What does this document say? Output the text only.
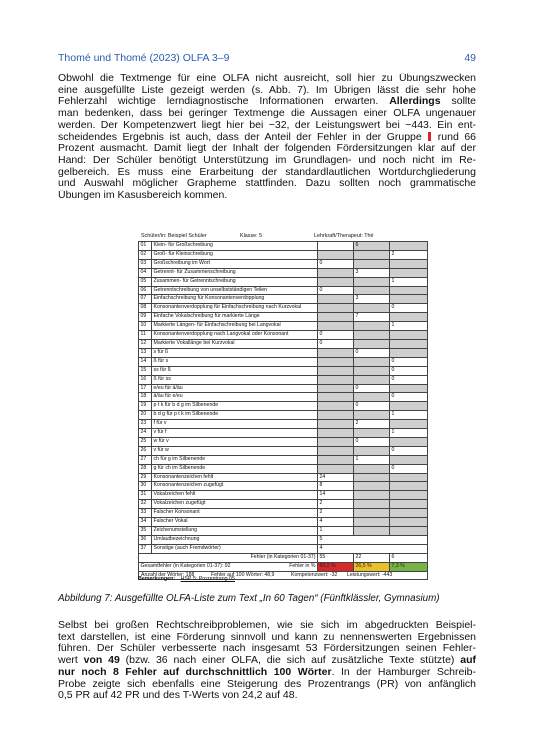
Thomé und Thomé (2023) OLFA 3–9	49
Obwohl die Textmenge für eine OLFA nicht ausreicht, soll hier zu Übungszwecken
eine ausgefüllte Liste gezeigt werden (s. Abb. 7). Im Übrigen lässt die sehr hohe
Fehlerzahl wichtige lerndiagnostische Informationen erwarten. Allerdings sollte
man bedenken, dass bei geringer Textmenge die Aussagen einer OLFA ungenauer
werden. Der Kompetenzwert liegt hier bei −32, der Leistungswert bei −443. Ein ent-
scheidendes Ergebnis ist auch, dass der Anteil der Fehler in der Gruppe  rund 66
Prozent ausmacht. Damit liegt der Inhalt der folgenden Fördersitzungen klar auf der
Hand: Der Schüler benötigt Unterstützung im Grundlagen- und noch nicht im Re-
gelbereich. Es muss eine Erarbeitung der standardlautlichen Wortdurchgliederung
und Auswahl möglicher Grapheme stattfinden. Dazu sollten noch grammatische
Übungen im Kasusbereich kommen.
Schüler/in: Beispiel Schüler	Klasse: 5	Lehrkraft/Therapeut: Thé
01	Klein- für Großschreibung		6	
02	Groß- für Kleinschreibung			2
03	Großschreibung im Wort	0		
04	Getrennt- für Zusammenschreibung		3	
05	Zusammen- für Getrenntschreibung			1
06	Getrenntschreibung von unselbstständigen Teilen	0		
07	Einfachschreibung für Konsonantenverdopplung		3	
08	Konsonantenverdopplung für Einfachschreibung nach Kurzvokal			0
09	Einfache Vokalschreibung für markierte Länge		7	
10	Markierte Längen- für Einfachschreibung bei Langvokal			1
11	Konsonantenverdopplung nach Langvokal oder Konsonant	0		
12	Markierte Vokallänge bei Kurzvokal	0		
13	s für ß		0	
14	ß für s			0
15	ss für ß			0
16	ß für ss			0
17	e/eu für ä/äu		0	
18	ä/äu für e/eu			0
19	p t k für b d g im Silbenende		0	
20	b d g für p t k im Silbenende			1
23	f für v		2	
24	v für f			1
25	w für v		0	
26	v für w			0
27	ch für g im Silbenende		1	
28	g für ch im Silbenende			0
29	Konsonantenzeichen fehlt	24		
30	Konsonantenzeichen zugefügt	8		
31	Vokalzeichen fehlt	14		
32	Vokalzeichen zugefügt	2		
33	Falscher Konsonant	2		
34	Falscher Vokal	4		
35	Zeichenumstellung	1		
36	Umlautbezeichnung	5		
37	Sonstige (auch Fremdwörter)	4		
Fehler (in Kategorien 01-37)		55	22	6
Gesamtfehler (in Kategorien 01-37): 92 Fehler in %		60,2 %	26,5 %	7,3 %

Anzahl der Wörter: 188 Fehler auf 100 Wörter: 48,9 Kompetenzwert: -32 Leistungswert: -443				
Bemerkungen: HSP 5: Prozentrang 05
Abbildung 7: Ausgefüllte OLFA-Liste zum Text „In 60 Tagen“ (Fünftklässler, Gymnasium)
Selbst bei großen Rechtschreibproblemen, wie sie sich im abgedruckten Beispiel-
text darstellen, ist eine Förderung sinnvoll und kann zu nennenswerten Ergebnissen
führen. Der Schüler verbesserte nach insgesamt 53 Fördersitzungen seinen Fehler-
wert von 49 (bzw. 36 nach einer OLFA, die sich auf zusätzliche Texte stützte) auf
nur noch 8 Fehler auf durchschnittlich 100 Wörter. In der Hamburger Schreib-
Probe zeigte sich ebenfalls eine Steigerung des Prozentrangs (PR) von anfänglich
0,5 PR auf 42 PR und des T-Werts von 24,2 auf 48.
